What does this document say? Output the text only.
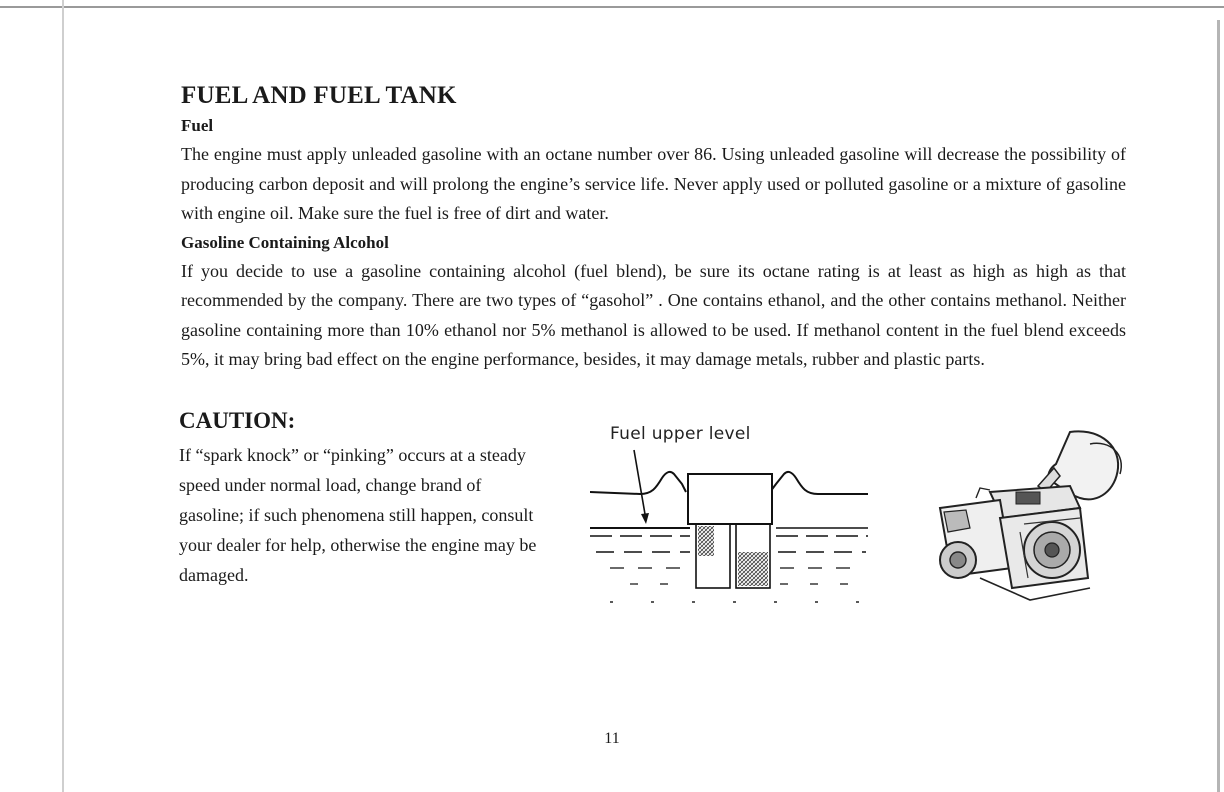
FUEL AND FUEL TANK
Fuel

The engine must apply unleaded gasoline with an octane number over 86. Using unleaded gasoline will decrease the possibility of producing carbon deposit and will prolong the engine’s service life. Never apply used or polluted gasoline or a mixture of gasoline with engine oil. Make sure the fuel is free of dirt and water.

Gasoline Containing Alcohol

If you decide to use a gasoline containing alcohol (fuel blend), be sure its octane rating is at least as high as high as that recommended by the company. There are two types of “gasohol” . One contains ethanol, and the other contains methanol. Neither gasoline containing more than 10% ethanol nor 5% methanol is allowed to be used. If methanol content in the fuel blend exceeds 5%, it may bring bad effect on the engine performance, besides, it may damage metals, rubber and plastic parts.

CAUTION:

If “spark knock” or “pinking” occurs at a steady speed under normal load, change brand of gasoline; if such phenomena still happen, consult your dealer for help, otherwise the engine may be damaged.

Fuel upper level
11
